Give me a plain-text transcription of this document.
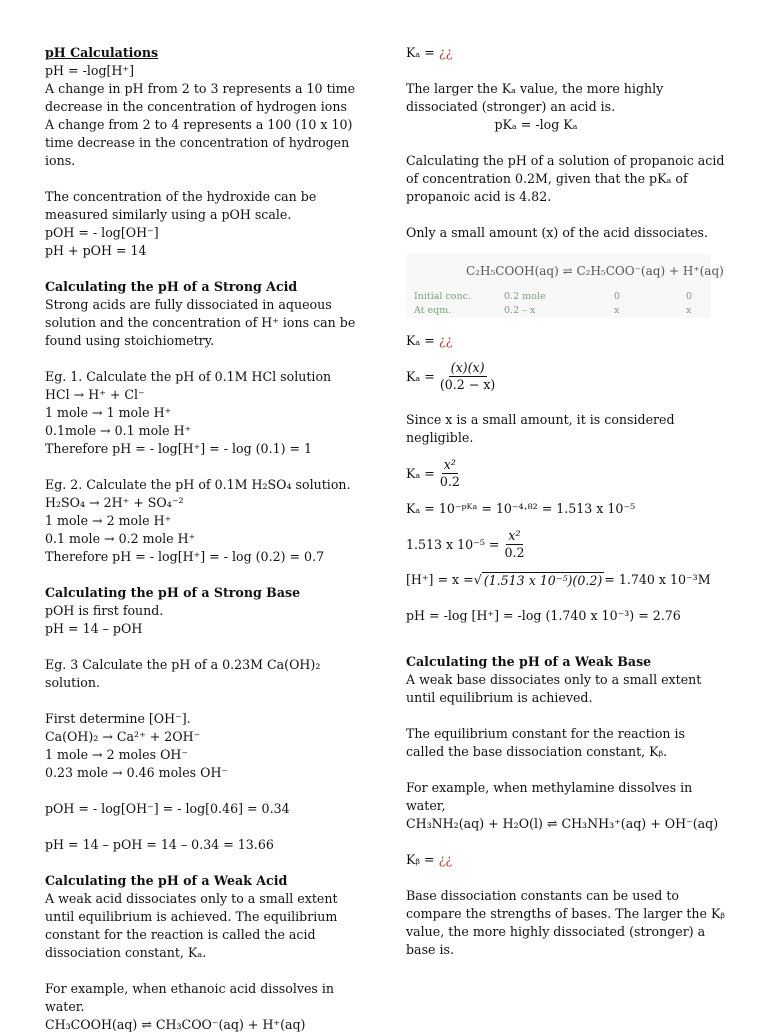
pH Calculations

pH = -log[H⁺]

A change in pH from 2 to 3 represents a 10 time decrease in the concentration of hydrogen ions

A change from 2 to 4 represents a 100 (10 x 10) time decrease in the concentration of hydrogen ions.

The concentration of the hydroxide can be measured similarly using a pOH scale.

pOH = - log[OH⁻]

pH + pOH = 14

Calculating the pH of a Strong Acid

Strong acids are fully dissociated in aqueous solution and the concentration of H⁺ ions can be found using stoichiometry.

Eg. 1. Calculate the pH of 0.1M HCl solution

HCl → H⁺ + Cl⁻

1 mole → 1 mole H⁺

0.1mole → 0.1 mole H⁺

Therefore pH = - log[H⁺] = - log (0.1) = 1

Eg. 2. Calculate the pH of 0.1M H₂SO₄ solution.

H₂SO₄ → 2H⁺ + SO₄⁻²

1 mole → 2 mole H⁺

0.1 mole → 0.2 mole H⁺

Therefore pH = - log[H⁺] = - log (0.2) = 0.7

Calculating the pH of a Strong Base

pOH is first found.

pH = 14 – pOH

Eg. 3 Calculate the pH of a 0.23M Ca(OH)₂ solution.

First determine [OH⁻].

Ca(OH)₂ → Ca²⁺ + 2OH⁻

1 mole → 2 moles OH⁻

0.23 mole → 0.46 moles OH⁻

pOH = - log[OH⁻] = - log[0.46] = 0.34

pH = 14 – pOH = 14 – 0.34 = 13.66

Calculating the pH of a Weak Acid

A weak acid dissociates only to a small extent until equilibrium is achieved. The equilibrium constant for the reaction is called the acid dissociation constant, Kₐ.

For example, when ethanoic acid dissolves in water.

CH₃COOH(aq) ⇌ CH₃COO⁻(aq) + H⁺(aq)

Kₐ = ¿¿

The larger the Kₐ value, the more highly dissociated (stronger) an acid is.

pKₐ = -log Kₐ

Calculating the pH of a solution of propanoic acid of concentration 0.2M, given that the pKₐ of propanoic acid is 4.82.

Only a small amount (x) of the acid dissociates.

C₂H₅COOH(aq) ⇌ C₂H₅COO⁻(aq) + H⁺(aq)
Initial conc.	0.2 mole	0	0
At eqm.	0.2 – x	x	x

Kₐ = ¿¿

$K_a = \frac{(x)(x)}{(0.2 - x)}$

Since x is a small amount, it is considered negligible.

$K_a = \frac{\text{x²}}{0.2}$

Kₐ = 10⁻ᵖᴷᵃ = 10⁻⁴·⁸² = 1.513 x 10⁻⁵

1.513 x $10^{-5} = \frac{\text{x²}}{0.2}$
[H⁺] = x = √ (1.513 x 10⁻⁵)(0.2) = 1.740 x 10⁻³M

pH = -log [H⁺] = -log (1.740 x 10⁻³) = 2.76

Calculating the pH of a Weak Base

A weak base dissociates only to a small extent until equilibrium is achieved.

The equilibrium constant for the reaction is called the base dissociation constant, Kᵦ.

For example, when methylamine dissolves in water,

CH₃NH₂(aq) + H₂O(l) ⇌ CH₃NH₃⁺(aq) + OH⁻(aq)

Kᵦ = ¿¿

Base dissociation constants can be used to compare the strengths of bases. The larger the Kᵦ value, the more highly dissociated (stronger) a base is.
